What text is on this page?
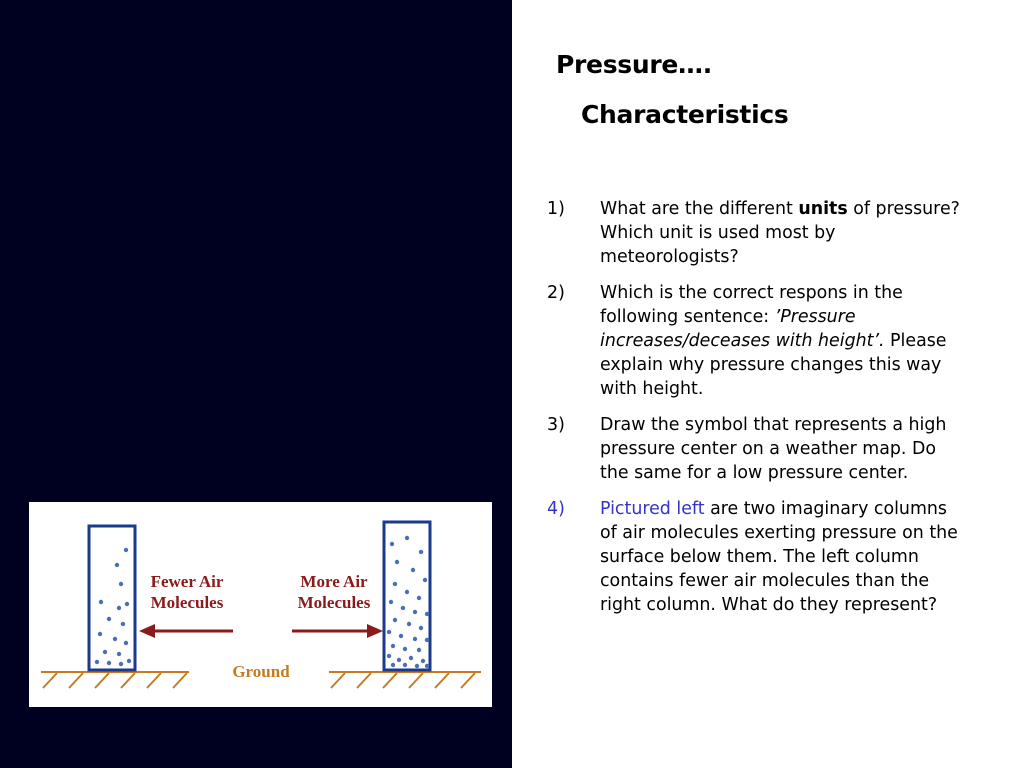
Fewer Air
Molecules
More Air
Molecules
Ground
Pressure….
Characteristics
1)	What are the different units of pressure? Which unit is used most by meteorologists?
2)	Which is the correct respons in the following sentence: ’Pressure increases/deceases with height’. Please explain why pressure changes this way with height.
3)	Draw the symbol that represents a high pressure center on a weather map. Do the same for a low pressure center.
4)	Pictured left are two imaginary columns of air molecules exerting pressure on the surface below them. The left column contains fewer air molecules than the right column. What do they represent?
